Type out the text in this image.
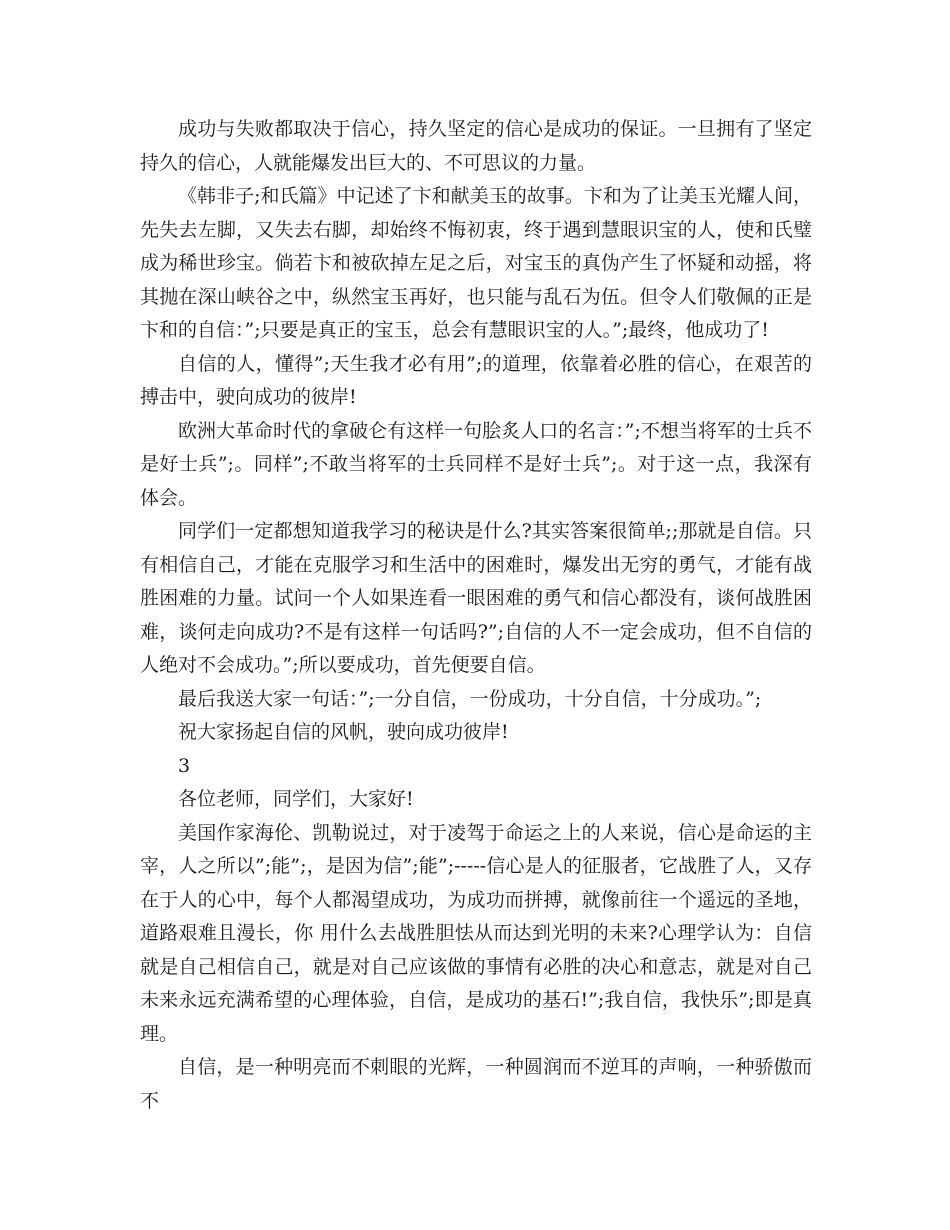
成功与失败都取决于信心，持久坚定的信心是成功的保证。一旦拥有了坚定持久的信心，人就能爆发出巨大的、不可思议的力量。

《韩非子;和氏篇》中记述了卞和献美玉的故事。卞和为了让美玉光耀人间，先失去左脚，又失去右脚，却始终不悔初衷，终于遇到慧眼识宝的人，使和氏璧成为稀世珍宝。倘若卞和被砍掉左足之后，对宝玉的真伪产生了怀疑和动摇，将其抛在深山峡谷之中，纵然宝玉再好，也只能与乱石为伍。但令人们敬佩的正是卞和的自信：”;只要是真正的宝玉，总会有慧眼识宝的人。”;最终，他成功了!

自信的人，懂得”;天生我才必有用”;的道理，依靠着必胜的信心，在艰苦的搏击中，驶向成功的彼岸!

欧洲大革命时代的拿破仑有这样一句脍炙人口的名言：”;不想当将军的士兵不是好士兵”;。同样”;不敢当将军的士兵同样不是好士兵”;。对于这一点，我深有体会。

同学们一定都想知道我学习的秘诀是什么?其实答案很简单;;那就是自信。只有相信自己，才能在克服学习和生活中的困难时，爆发出无穷的勇气，才能有战胜困难的力量。试问一个人如果连看一眼困难的勇气和信心都没有，谈何战胜困难，谈何走向成功?不是有这样一句话吗?”;自信的人不一定会成功，但不自信的人绝对不会成功。”;所以要成功，首先便要自信。

最后我送大家一句话：”;一分自信，一份成功，十分自信，十分成功。”;

祝大家扬起自信的风帆，驶向成功彼岸!

3

各位老师，同学们，大家好!

美国作家海伦、凯勒说过，对于凌驾于命运之上的人来说，信心是命运的主宰，人之所以”;能”;，是因为信”;能”;-----信心是人的征服者，它战胜了人，又存在于人的心中，每个人都渴望成功，为成功而拼搏，就像前往一个遥远的圣地，道路艰难且漫长，你 用什么去战胜胆怯从而达到光明的未来?心理学认为：自信就是自己相信自己，就是对自己应该做的事情有必胜的决心和意志，就是对自己未来永远充满希望的心理体验，自信，是成功的基石!”;我自信，我快乐”;即是真理。

自信，是一种明亮而不刺眼的光辉，一种圆润而不逆耳的声响，一种骄傲而不
